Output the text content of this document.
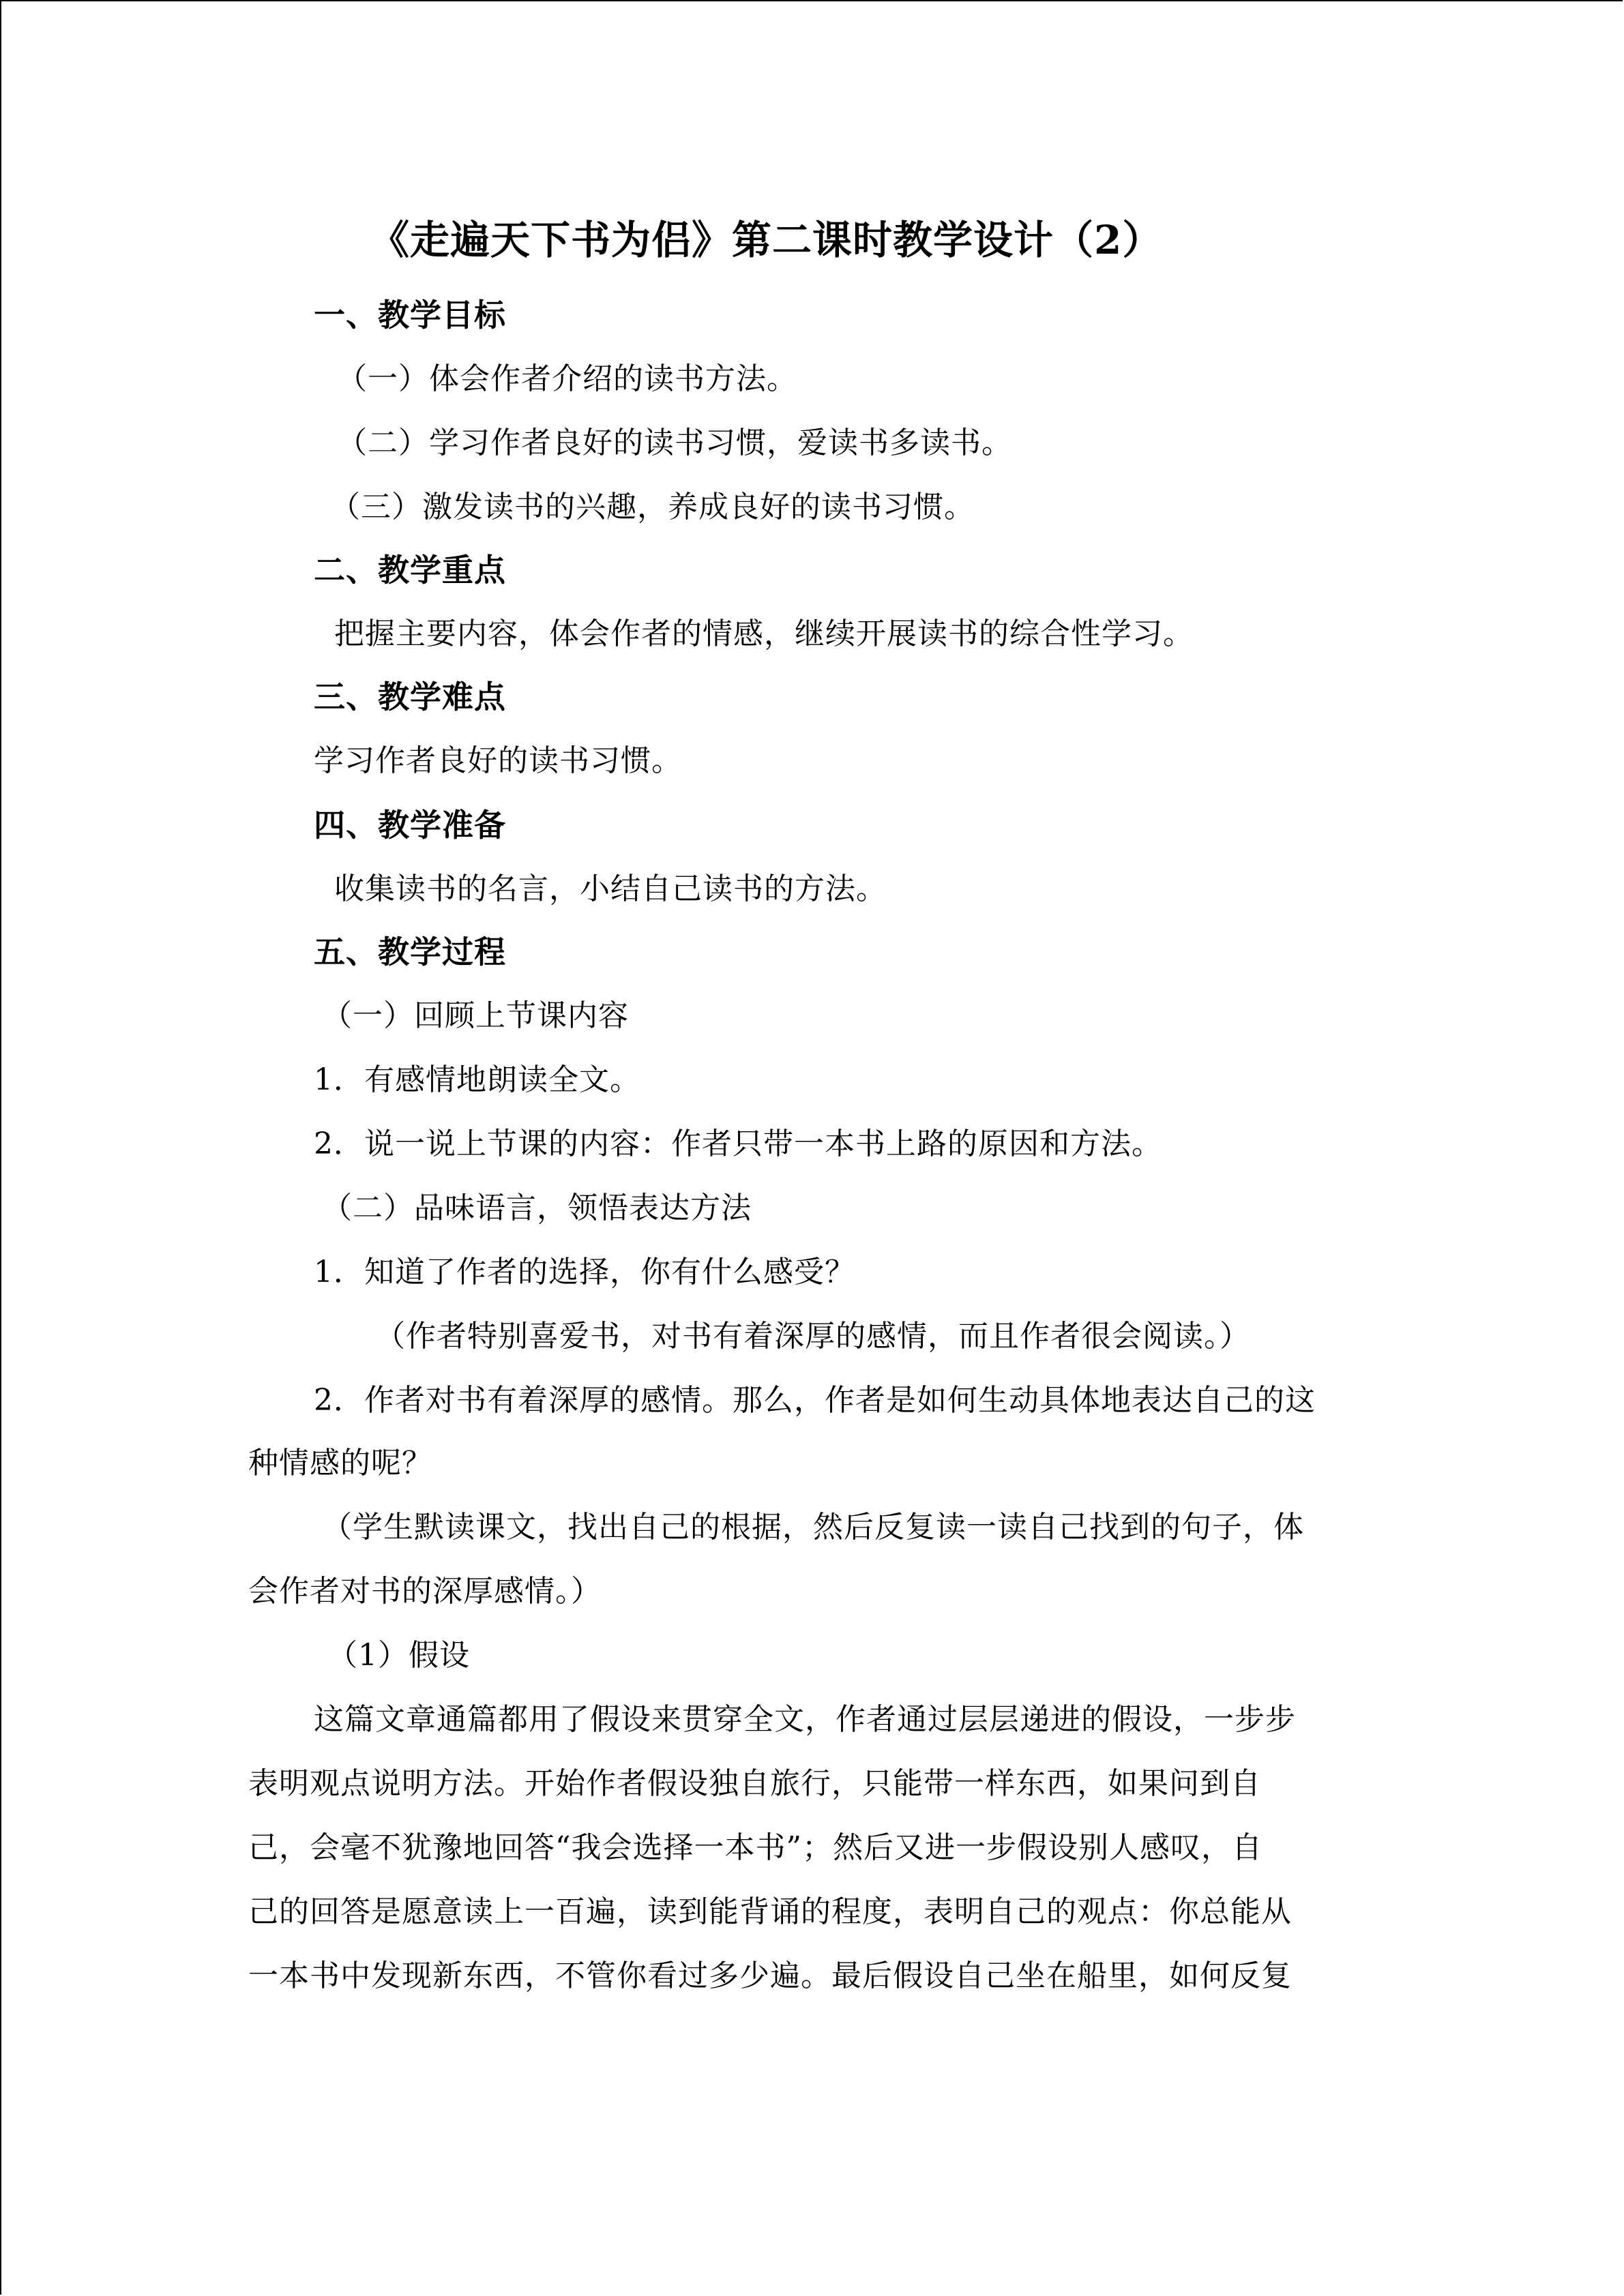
《走遍天下书为侣》第二课时教学设计（2）
一、教学目标
（一）体会作者介绍的读书方法。
（二）学习作者良好的读书习惯，爱读书多读书。
（三）激发读书的兴趣，养成良好的读书习惯。
二、教学重点
把握主要内容，体会作者的情感，继续开展读书的综合性学习。
三、教学难点
学习作者良好的读书习惯。
四、教学准备
收集读书的名言，小结自己读书的方法。
五、教学过程
（一）回顾上节课内容
1．有感情地朗读全文。
2．说一说上节课的内容：作者只带一本书上路的原因和方法。
（二）品味语言，领悟表达方法
1．知道了作者的选择，你有什么感受？
（作者特别喜爱书，对书有着深厚的感情，而且作者很会阅读。）
2．作者对书有着深厚的感情。那么，作者是如何生动具体地表达自己的这
种情感的呢？
（学生默读课文，找出自己的根据，然后反复读一读自己找到的句子，体
会作者对书的深厚感情。）
（1）假设
这篇文章通篇都用了假设来贯穿全文，作者通过层层递进的假设，一步步
表明观点说明方法。开始作者假设独自旅行，只能带一样东西，如果问到自
己，会毫不犹豫地回答“我会选择一本书”；然后又进一步假设别人感叹，自
己的回答是愿意读上一百遍，读到能背诵的程度，表明自己的观点：你总能从
一本书中发现新东西，不管你看过多少遍。最后假设自己坐在船里，如何反复
